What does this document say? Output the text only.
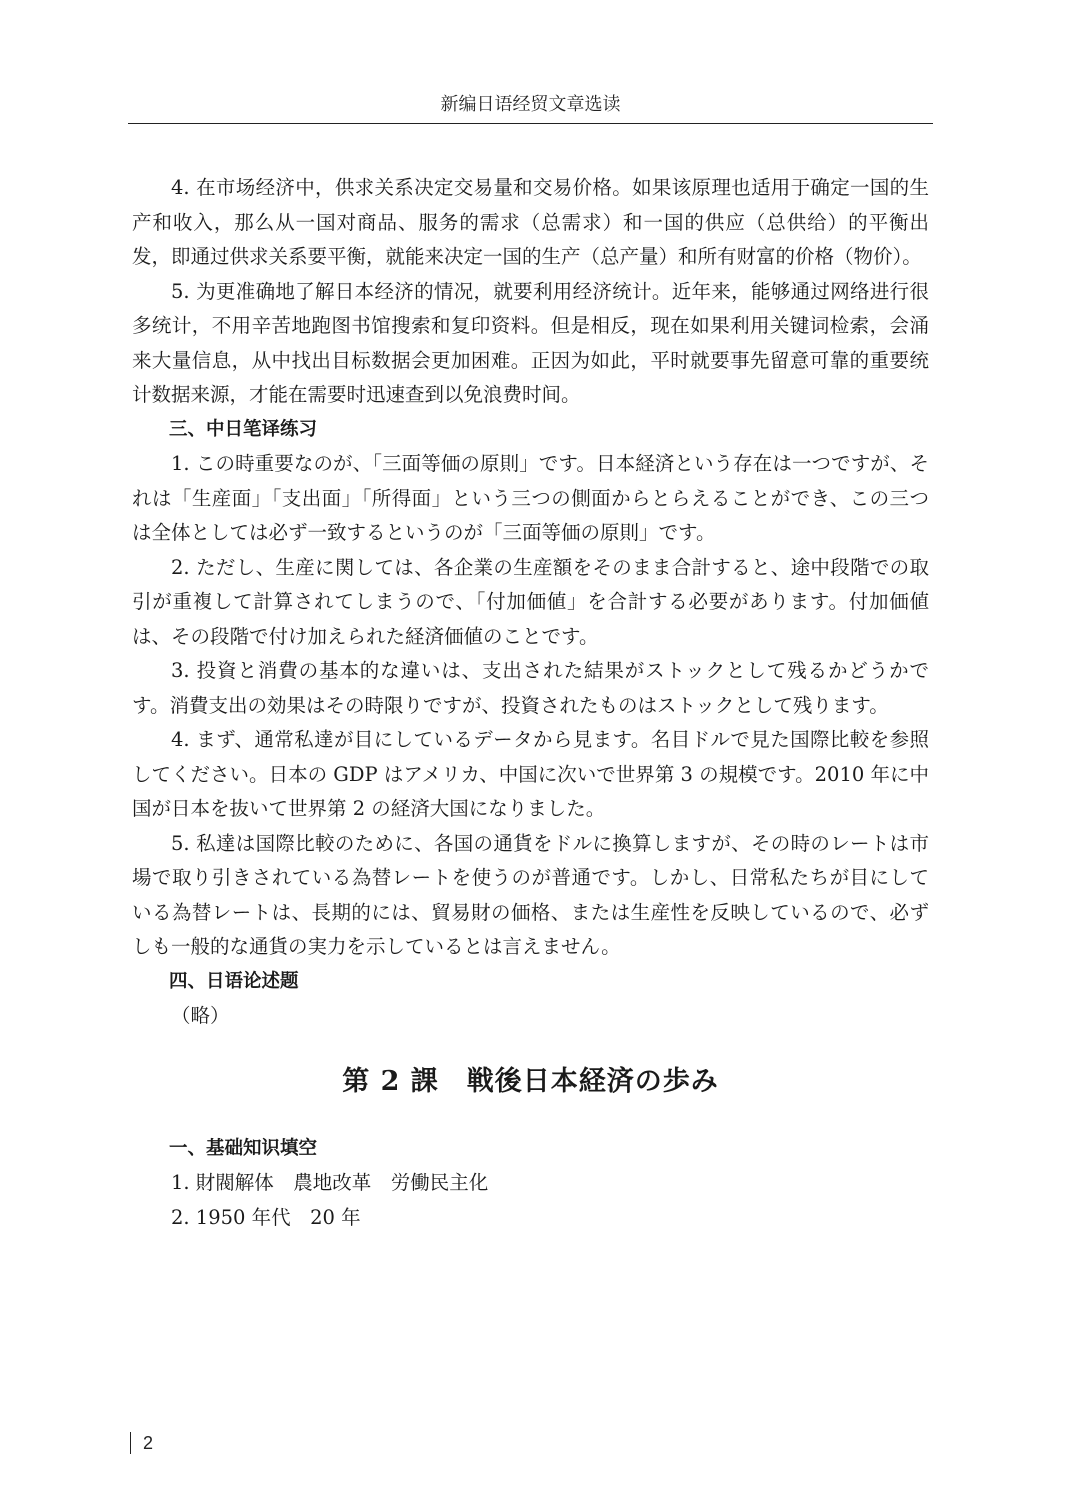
新编日语经贸文章选读

4. 在市场经济中，供求关系决定交易量和交易价格。如果该原理也适用于确定一国的生产和收入，那么从一国对商品、服务的需求（总需求）和一国的供应（总供给）的平衡出发，即通过供求关系要平衡，就能来决定一国的生产（总产量）和所有财富的价格（物价）。

5. 为更准确地了解日本经济的情况，就要利用经济统计。近年来，能够通过网络进行很多统计，不用辛苦地跑图书馆搜索和复印资料。但是相反，现在如果利用关键词检索，会涌来大量信息，从中找出目标数据会更加困难。正因为如此，平时就要事先留意可靠的重要统计数据来源，才能在需要时迅速查到以免浪费时间。

三、中日笔译练习

1. この時重要なのが、「三面等価の原則」です。日本経済という存在は一つですが、それは「生産面」「支出面」「所得面」という三つの側面からとらえることができ、この三つは全体としては必ず一致するというのが「三面等価の原則」です。

2. ただし、生産に関しては、各企業の生産額をそのまま合計すると、途中段階での取引が重複して計算されてしまうので、「付加価値」を合計する必要があります。付加価値は、その段階で付け加えられた経済価値のことです。

3. 投資と消費の基本的な違いは、支出された結果がストックとして残るかどうかです。消費支出の効果はその時限りですが、投資されたものはストックとして残ります。

4. まず、通常私達が目にしているデータから見ます。名目ドルで見た国際比較を参照してください。日本の GDP はアメリカ、中国に次いで世界第 3 の規模です。2010 年に中国が日本を抜いて世界第 2 の経済大国になりました。

5. 私達は国際比較のために、各国の通貨をドルに換算しますが、その時のレートは市場で取り引きされている為替レートを使うのが普通です。しかし、日常私たちが目にしている為替レートは、長期的には、貿易財の価格、または生産性を反映しているので、必ずしも一般的な通貨の実力を示しているとは言えません。

四、日语论述题

（略）

第 2 課　戦後日本経済の歩み

一、基础知识填空

1. 財閥解体　農地改革　労働民主化

2. 1950 年代　20 年

2
